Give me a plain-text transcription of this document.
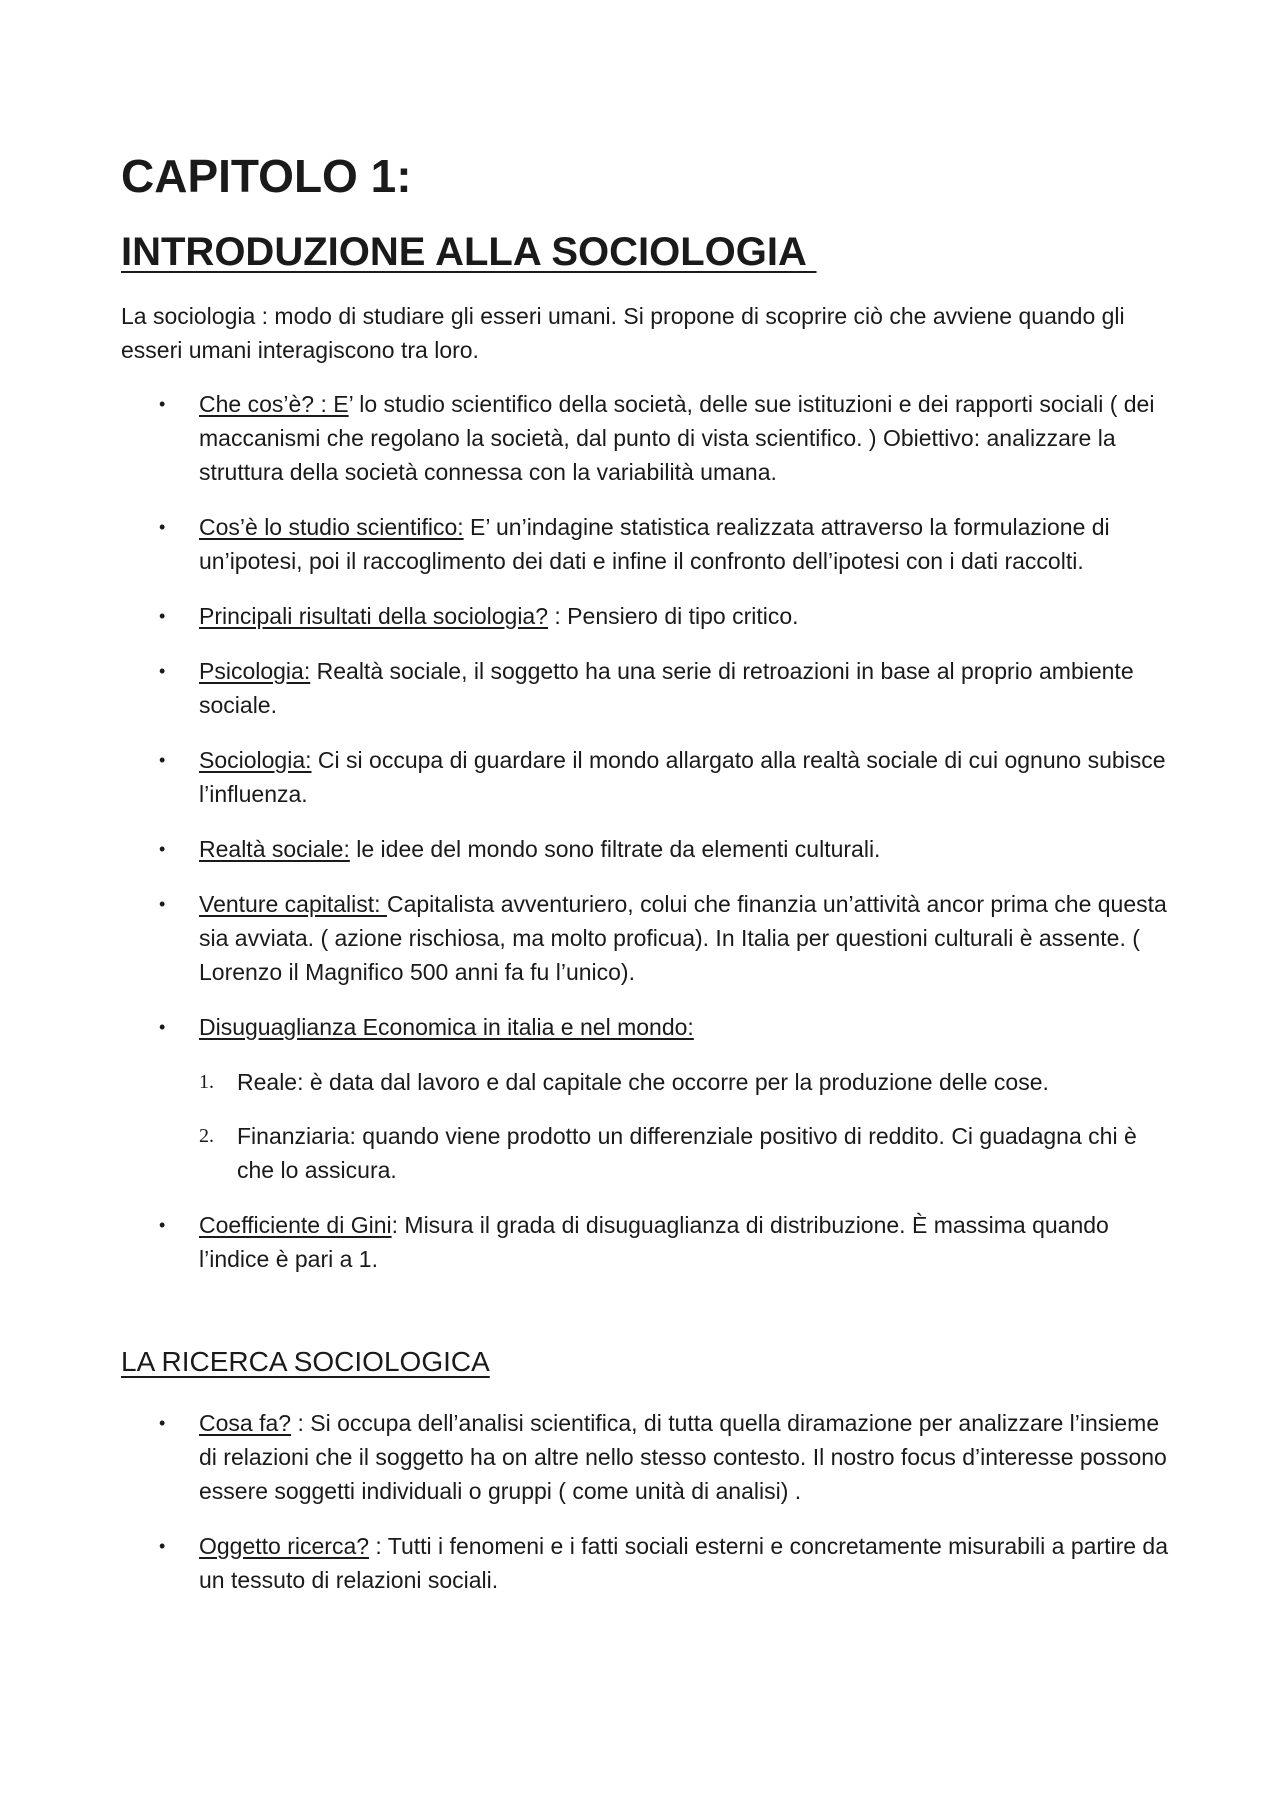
CAPITOLO 1:
INTRODUZIONE ALLA SOCIOLOGIA

La sociologia : modo di studiare gli esseri umani. Si propone di scoprire ciò che avviene quando gli esseri umani interagiscono tra loro.

• Che cos’è? : E’ lo studio scientifico della società, delle sue istituzioni e dei rapporti sociali ( dei maccanismi che regolano la società, dal punto di vista scientifico. ) Obiettivo: analizzare la struttura della società connessa con la variabilità umana.
• Cos’è lo studio scientifico: E’ un’indagine statistica realizzata attraverso la formulazione di un’ipotesi, poi il raccoglimento dei dati e infine il confronto dell’ipotesi con i dati raccolti.
• Principali risultati della sociologia? : Pensiero di tipo critico.
• Psicologia: Realtà sociale, il soggetto ha una serie di retroazioni in base al proprio ambiente sociale.
• Sociologia: Ci si occupa di guardare il mondo allargato alla realtà sociale di cui ognuno subisce l’influenza.
• Realtà sociale: le idee del mondo sono filtrate da elementi culturali.
• Venture capitalist: Capitalista avventuriero, colui che finanzia un’attività ancor prima che questa sia avviata. ( azione rischiosa, ma molto proficua). In Italia per questioni culturali è assente. ( Lorenzo il Magnifico 500 anni fa fu l’unico).
• Disuguaglianza Economica in italia e nel mondo:
1. Reale: è data dal lavoro e dal capitale che occorre per la produzione delle cose.
2. Finanziaria: quando viene prodotto un differenziale positivo di reddito. Ci guadagna chi è che lo assicura.
• Coefficiente di Gini: Misura il grada di disuguaglianza di distribuzione. È massima quando l’indice è pari a 1.
LA RICERCA SOCIOLOGICA
• Cosa fa? : Si occupa dell’analisi scientifica, di tutta quella diramazione per analizzare l’insieme di relazioni che il soggetto ha on altre nello stesso contesto. Il nostro focus d’interesse possono essere soggetti individuali o gruppi ( come unità di analisi) .
• Oggetto ricerca? : Tutti i fenomeni e i fatti sociali esterni e concretamente misurabili a partire da un tessuto di relazioni sociali.
